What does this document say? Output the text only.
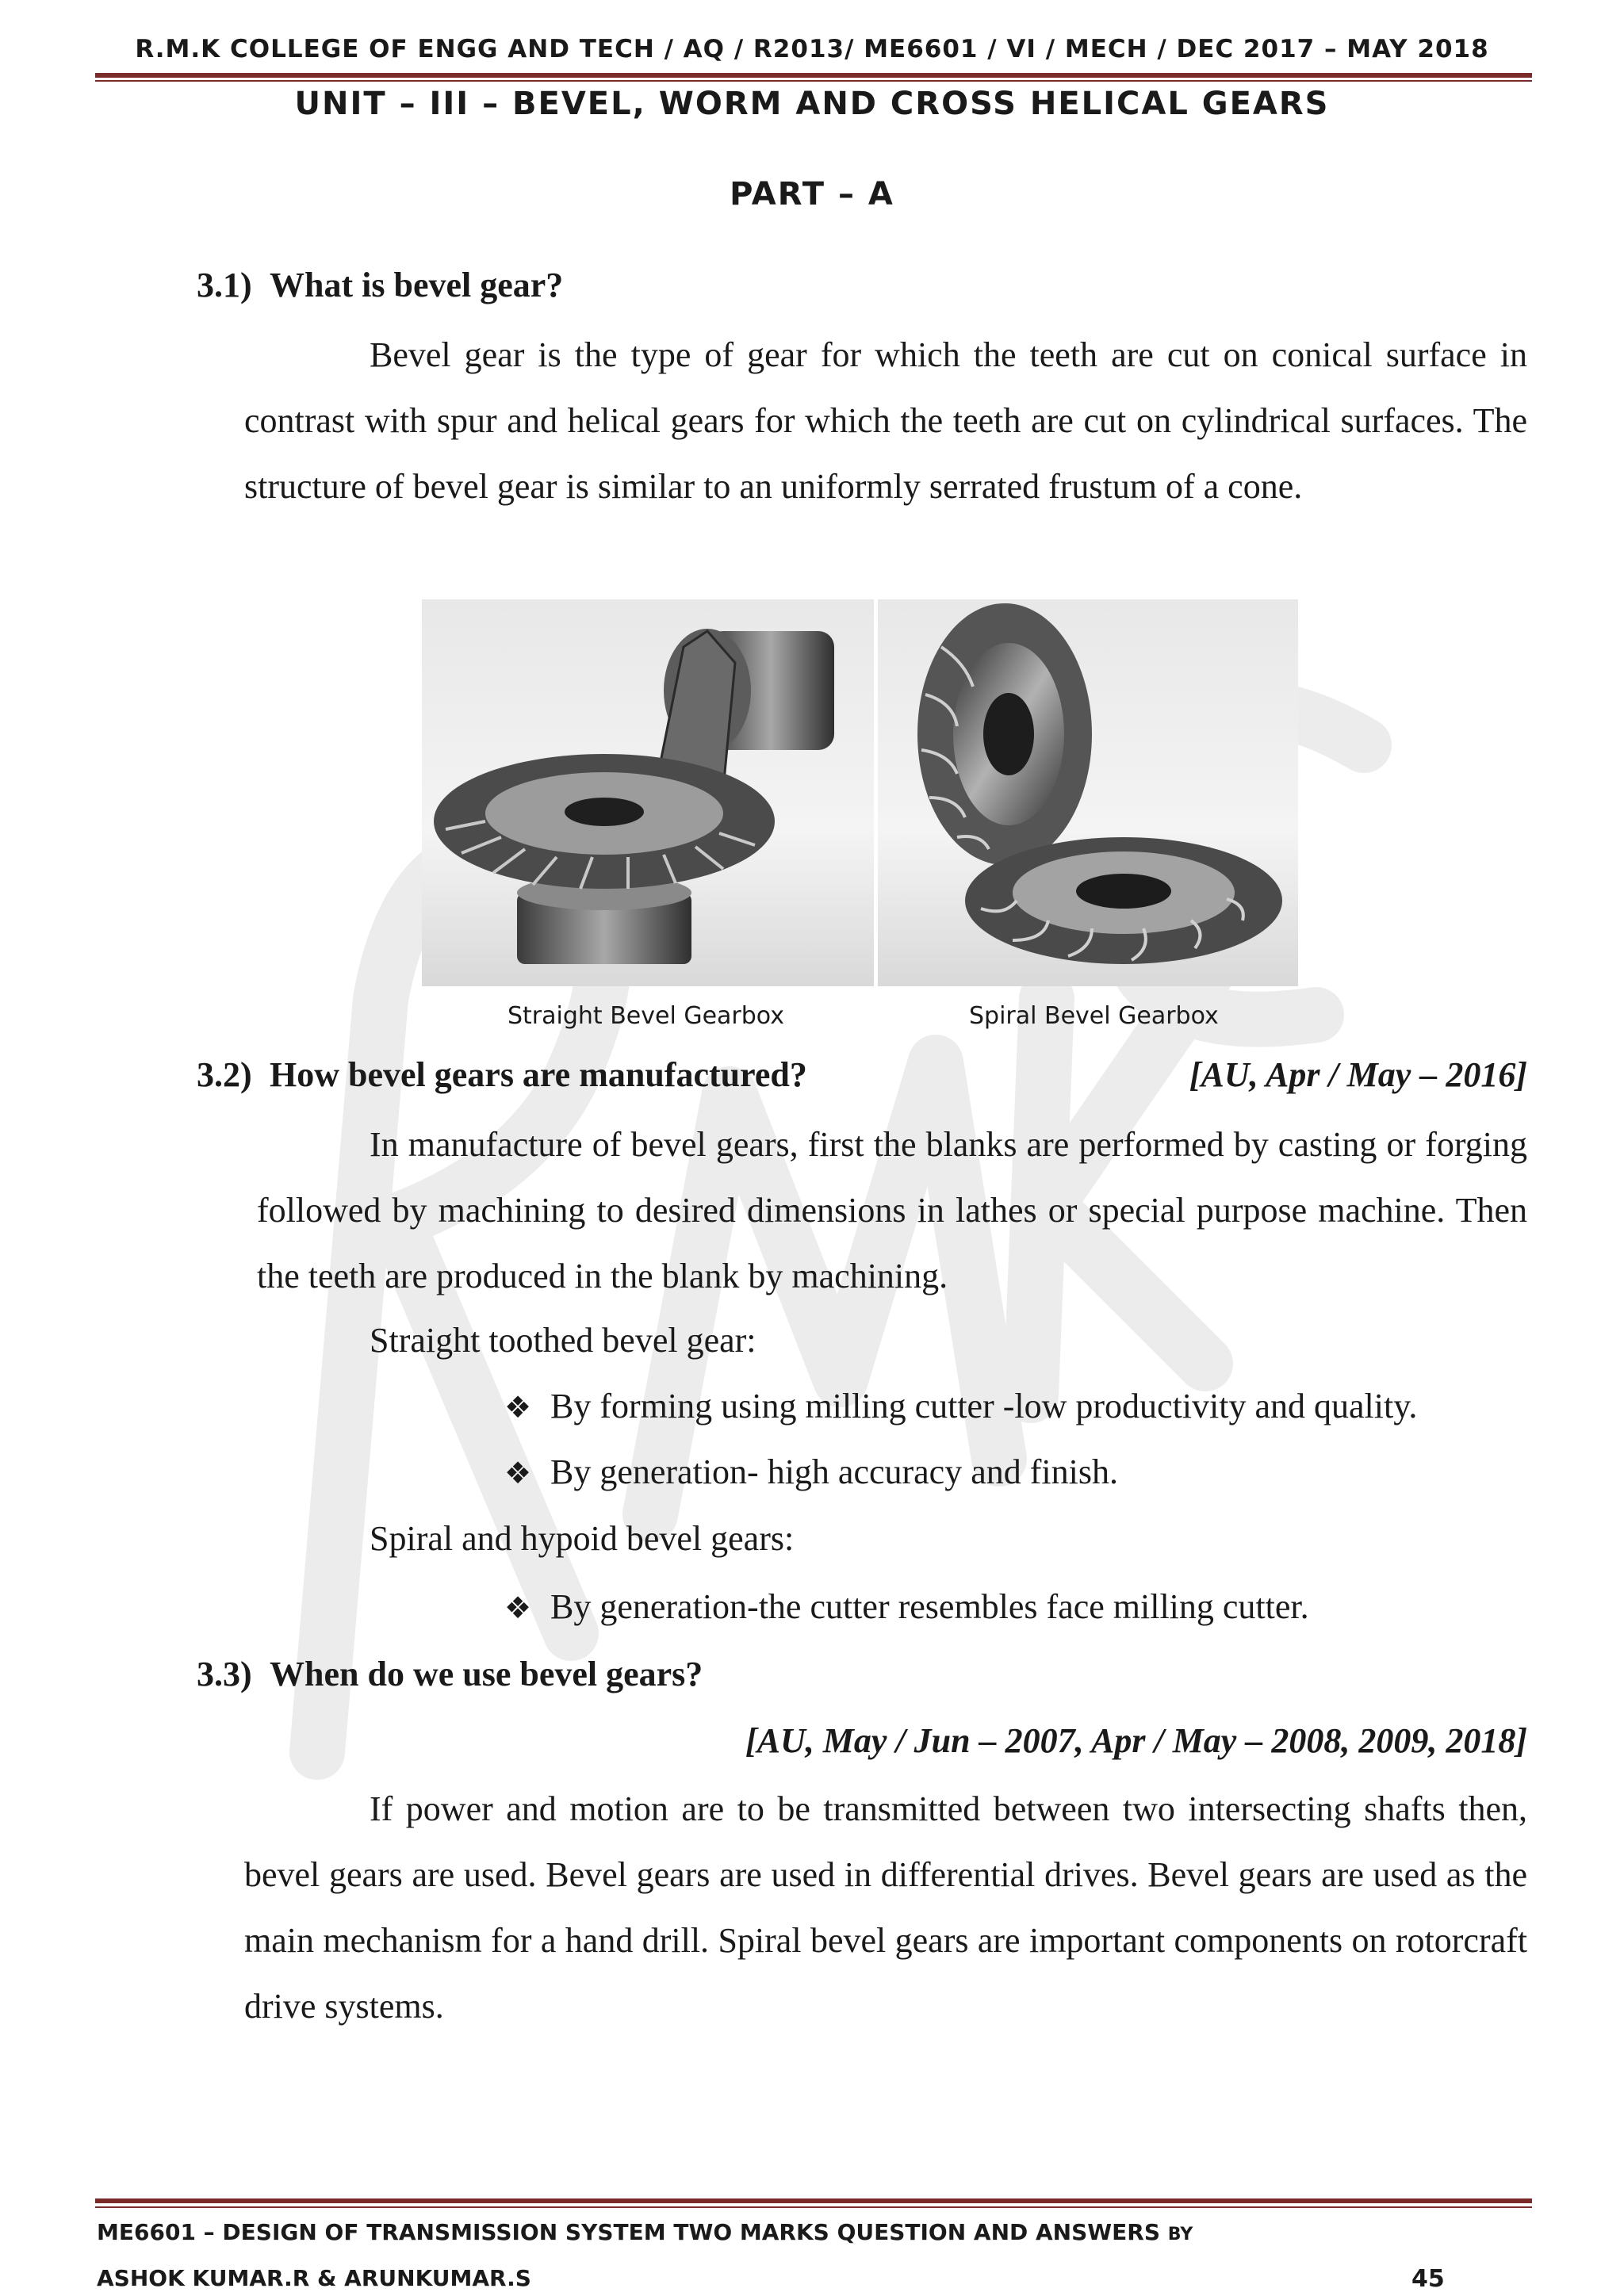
R.M.K COLLEGE OF ENGG AND TECH / AQ / R2013/ ME6601 / VI / MECH / DEC 2017 – MAY 2018
UNIT – III – BEVEL, WORM AND CROSS HELICAL GEARS
PART – A
3.1) What is bevel gear?
Bevel gear is the type of gear for which the teeth are cut on conical surface in contrast with spur and helical gears for which the teeth are cut on cylindrical surfaces. The structure of bevel gear is similar to an uniformly serrated frustum of a cone.
Straight Bevel Gearbox	Spiral Bevel Gearbox
3.2) How bevel gears are manufactured?	[AU, Apr / May – 2016]
In manufacture of bevel gears, first the blanks are performed by casting or forging followed by machining to desired dimensions in lathes or special purpose machine. Then the teeth are produced in the blank by machining.
Straight toothed bevel gear:
❖ By forming using milling cutter -low productivity and quality.
❖ By generation- high accuracy and finish.
Spiral and hypoid bevel gears:
❖ By generation-the cutter resembles face milling cutter.
3.3) When do we use bevel gears?
[AU, May / Jun – 2007, Apr / May – 2008, 2009, 2018]
If power and motion are to be transmitted between two intersecting shafts then, bevel gears are used. Bevel gears are used in differential drives. Bevel gears are used as the main mechanism for a hand drill. Spiral bevel gears are important components on rotorcraft drive systems.
ME6601 – DESIGN OF TRANSMISSION SYSTEM TWO MARKS QUESTION AND ANSWERS BY
ASHOK KUMAR.R & ARUNKUMAR.S	45
